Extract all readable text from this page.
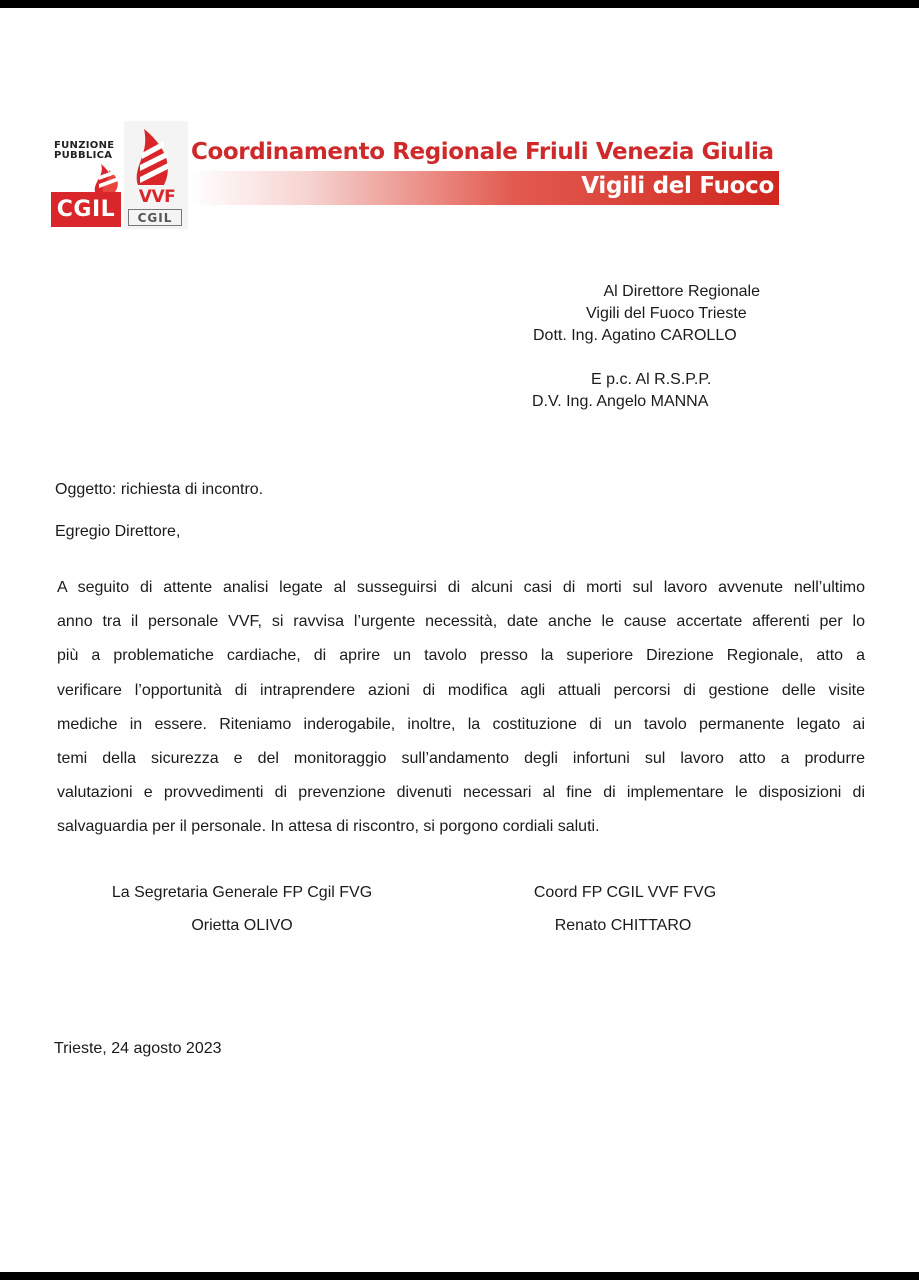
FUNZIONE
PUBBLICA
CGIL	VVF
CGIL
Coordinamento Regionale Friuli Venezia Giulia
Vigili del Fuoco
Al Direttore Regionale
Vigili del Fuoco Trieste
Dott. Ing. Agatino CAROLLO
E p.c. Al R.S.P.P.
D.V. Ing. Angelo MANNA
Oggetto: richiesta di incontro.
Egregio Direttore,
A seguito di attente analisi legate al susseguirsi di alcuni casi di morti sul lavoro avvenute nell’ultimo
anno tra il personale VVF, si ravvisa l’urgente necessità, date anche le cause accertate afferenti per lo
più a problematiche cardiache, di aprire un tavolo presso la superiore Direzione Regionale, atto a
verificare l’opportunità di intraprendere azioni di modifica agli attuali percorsi di gestione delle visite
mediche in essere. Riteniamo inderogabile, inoltre, la costituzione di un tavolo permanente legato ai
temi della sicurezza e del monitoraggio sull’andamento degli infortuni sul lavoro atto a produrre
valutazioni e provvedimenti di prevenzione divenuti necessari al fine di implementare le disposizioni di
salvaguardia per il personale. In attesa di riscontro, si porgono cordiali saluti.
La Segretaria Generale FP Cgil FVG
Orietta OLIVO
Coord FP CGIL VVF FVG
Renato CHITTARO
Trieste, 24 agosto 2023
